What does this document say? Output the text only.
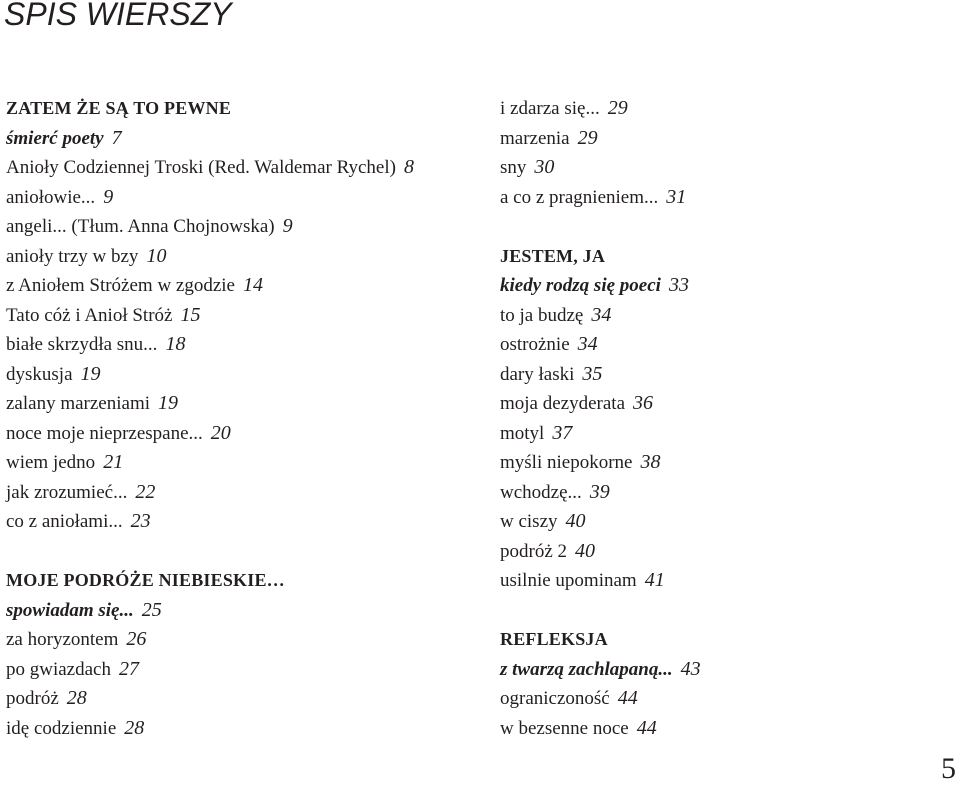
SPIS WIERSZY
ZATEM ŻE SĄ TO PEWNE
śmierć poety 7
Anioły Codziennej Troski (Red. Waldemar Rychel) 8
aniołowie... 9
angeli... (Tłum. Anna Chojnowska) 9
anioły trzy w bzy 10
z Aniołem Stróżem w zgodzie 14
Tato cóż i Anioł Stróż 15
białe skrzydła snu... 18
dyskusja 19
zalany marzeniami 19
noce moje nieprzespane... 20
wiem jedno 21
jak zrozumieć... 22
co z aniołami... 23
MOJE PODRÓŻE NIEBIESKIE…
spowiadam się... 25
za horyzontem 26
po gwiazdach 27
podróż 28
idę codziennie 28
i zdarza się... 29
marzenia 29
sny 30
a co z pragnieniem... 31
JESTEM, JA
kiedy rodzą się poeci 33
to ja budzę 34
ostrożnie 34
dary łaski 35
moja dezyderata 36
motyl 37
myśli niepokorne 38
wchodzę... 39
w ciszy 40
podróż 2 40
usilnie upominam 41
REFLEKSJA
z twarzą zachlapaną... 43
ograniczoność 44
w bezsenne noce 44
5
